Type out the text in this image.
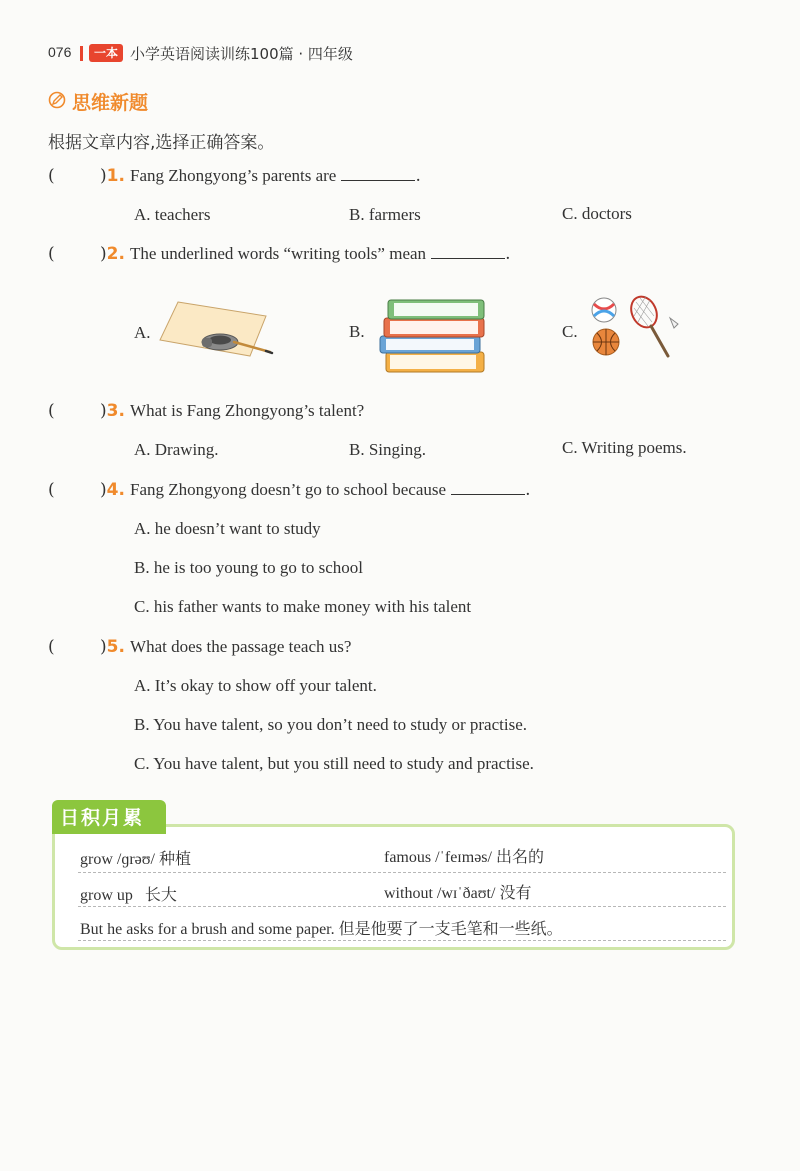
076	一本 小学英语阅读训练100篇 · 四年级
思维新题
根据文章内容,选择正确答案。
(	)1. Fang Zhongyong’s parents are	.
A. teachers	B. farmers	C. doctors
(	)2. The underlined words “writing tools” mean	.
A.	B.	C.
(	)3. What is Fang Zhongyong’s talent?
A. Drawing.	B. Singing.	C. Writing poems.
(	)4. Fang Zhongyong doesn’t go to school because	.
A. he doesn’t want to study
B. he is too young to go to school
C. his father wants to make money with his talent
(	)5. What does the passage teach us?
A. It’s okay to show off your talent.
B. You have talent, so you don’t need to study or practise.
C. You have talent, but you still need to study and practise.
日积月累
grow /ɡrəʊ/ 种植	famous /ˈfeɪməs/ 出名的
grow up   长大	without /wɪˈðaʊt/ 没有
But he asks for a brush and some paper. 但是他要了一支毛笔和一些纸。
